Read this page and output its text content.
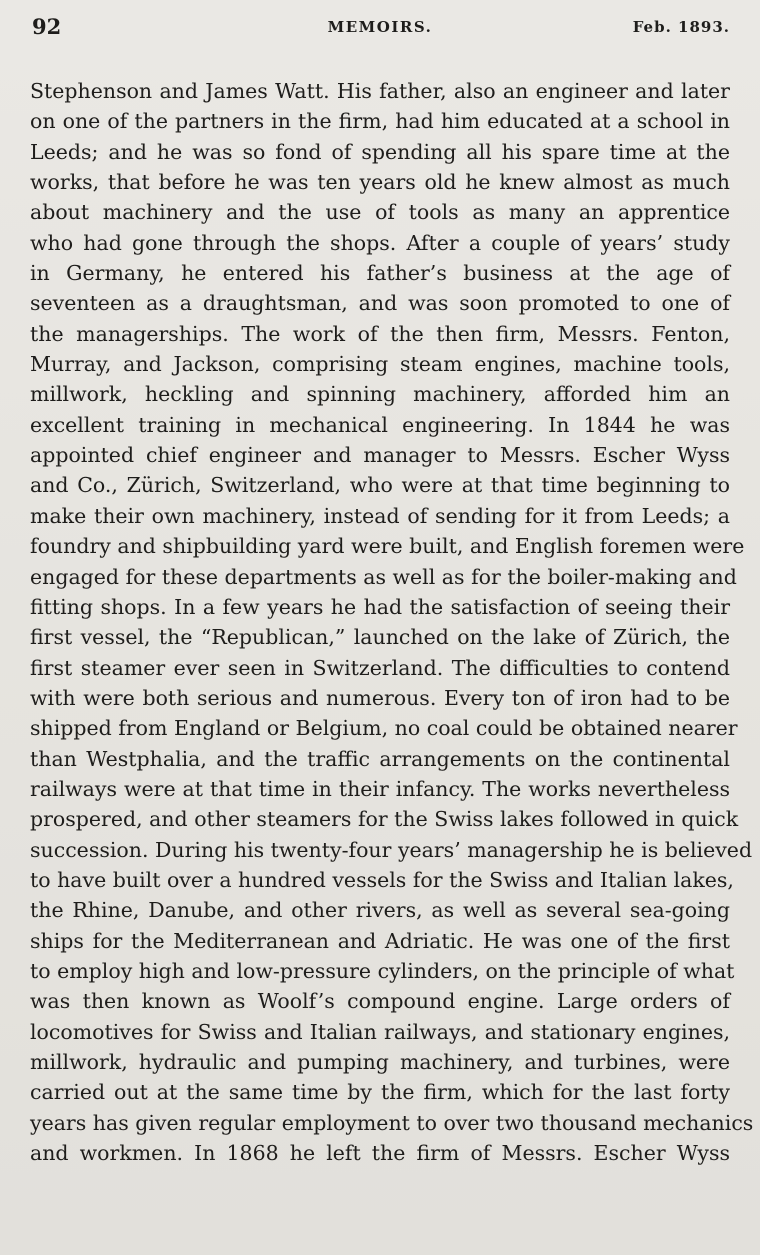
92	MEMOIRS.	Feb. 1893.
Stephenson and James Watt. His father, also an engineer and later
on one of the partners in the firm, had him educated at a school in
Leeds; and he was so fond of spending all his spare time at the
works, that before he was ten years old he knew almost as much
about machinery and the use of tools as many an apprentice
who had gone through the shops. After a couple of years’ study
in Germany, he entered his father’s business at the age of
seventeen as a draughtsman, and was soon promoted to one of
the managerships. The work of the then firm, Messrs. Fenton,
Murray, and Jackson, comprising steam engines, machine tools,
millwork, heckling and spinning machinery, afforded him an
excellent training in mechanical engineering. In 1844 he was
appointed chief engineer and manager to Messrs. Escher Wyss
and Co., Zürich, Switzerland, who were at that time beginning to
make their own machinery, instead of sending for it from Leeds; a
foundry and shipbuilding yard were built, and English foremen were
engaged for these departments as well as for the boiler-making and
fitting shops. In a few years he had the satisfaction of seeing their
first vessel, the “Republican,” launched on the lake of Zürich, the
first steamer ever seen in Switzerland. The difficulties to contend
with were both serious and numerous. Every ton of iron had to be
shipped from England or Belgium, no coal could be obtained nearer
than Westphalia, and the traffic arrangements on the continental
railways were at that time in their infancy. The works nevertheless
prospered, and other steamers for the Swiss lakes followed in quick
succession. During his twenty-four years’ managership he is believed
to have built over a hundred vessels for the Swiss and Italian lakes,
the Rhine, Danube, and other rivers, as well as several sea-going
ships for the Mediterranean and Adriatic. He was one of the first
to employ high and low-pressure cylinders, on the principle of what
was then known as Woolf’s compound engine. Large orders of
locomotives for Swiss and Italian railways, and stationary engines,
millwork, hydraulic and pumping machinery, and turbines, were
carried out at the same time by the firm, which for the last forty
years has given regular employment to over two thousand mechanics
and workmen. In 1868 he left the firm of Messrs. Escher Wyss
